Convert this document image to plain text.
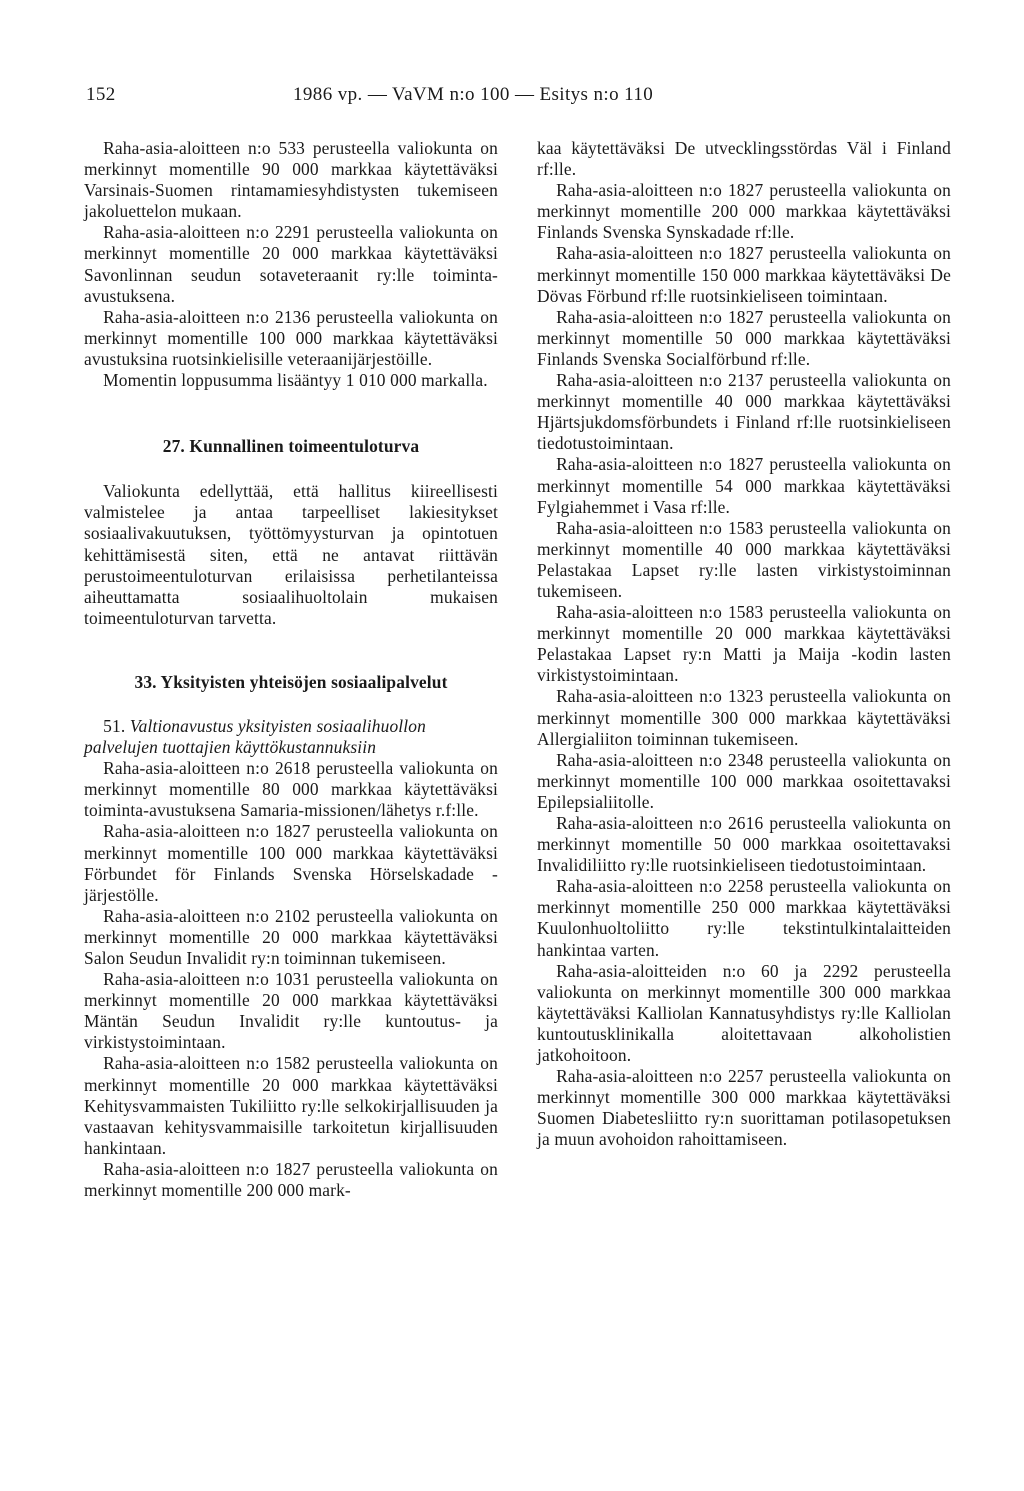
152	1986 vp. — VaVM n:o 100 — Esitys n:o 110

Raha-asia-aloitteen n:o 533 perusteella valiokunta on merkinnyt momentille 90 000 markkaa käytettäväksi Varsinais-Suomen rintamamiesyhdistysten tukemiseen jakoluettelon mukaan.

Raha-asia-aloitteen n:o 2291 perusteella valiokunta on merkinnyt momentille 20 000 markkaa käytettäväksi Savonlinnan seudun sotaveteraanit ry:lle toiminta-avustuksena.

Raha-asia-aloitteen n:o 2136 perusteella valiokunta on merkinnyt momentille 100 000 markkaa käytettäväksi avustuksina ruotsinkielisille veteraanijärjestöille.

Momentin loppusumma lisääntyy 1 010 000 markalla.

27. Kunnallinen toimeentuloturva

Valiokunta edellyttää, että hallitus kiireellisesti valmistelee ja antaa tarpeelliset lakiesitykset sosiaalivakuutuksen, työttömyysturvan ja opintotuen kehittämisestä siten, että ne antavat riittävän perustoimeentuloturvan erilaisissa perhetilanteissa aiheuttamatta sosiaalihuoltolain mukaisen toimeentuloturvan tarvetta.

33. Yksityisten yhteisöjen sosiaalipalvelut

51. Valtionavustus yksityisten sosiaalihuollon palvelujen tuottajien käyttökustannuksiin

Raha-asia-aloitteen n:o 2618 perusteella valiokunta on merkinnyt momentille 80 000 markkaa käytettäväksi toiminta-avustuksena Samaria-missionen/lähetys r.f:lle.

Raha-asia-aloitteen n:o 1827 perusteella valiokunta on merkinnyt momentille 100 000 markkaa käytettäväksi Förbundet för Finlands Svenska Hörselskadade -järjestölle.

Raha-asia-aloitteen n:o 2102 perusteella valiokunta on merkinnyt momentille 20 000 markkaa käytettäväksi Salon Seudun Invalidit ry:n toiminnan tukemiseen.

Raha-asia-aloitteen n:o 1031 perusteella valiokunta on merkinnyt momentille 20 000 markkaa käytettäväksi Mäntän Seudun Invalidit ry:lle kuntoutus- ja virkistystoimintaan.

Raha-asia-aloitteen n:o 1582 perusteella valiokunta on merkinnyt momentille 20 000 markkaa käytettäväksi Kehitysvammaisten Tukiliitto ry:lle selkokirjallisuuden ja vastaavan kehitysvammaisille tarkoitetun kirjallisuuden hankintaan.

Raha-asia-aloitteen n:o 1827 perusteella valiokunta on merkinnyt momentille 200 000 mark-

kaa käytettäväksi De utvecklingsstördas Väl i Finland rf:lle.

Raha-asia-aloitteen n:o 1827 perusteella valiokunta on merkinnyt momentille 200 000 markkaa käytettäväksi Finlands Svenska Synskadade rf:lle.

Raha-asia-aloitteen n:o 1827 perusteella valiokunta on merkinnyt momentille 150 000 markkaa käytettäväksi De Dövas Förbund rf:lle ruotsinkieliseen toimintaan.

Raha-asia-aloitteen n:o 1827 perusteella valiokunta on merkinnyt momentille 50 000 markkaa käytettäväksi Finlands Svenska Socialförbund rf:lle.

Raha-asia-aloitteen n:o 2137 perusteella valiokunta on merkinnyt momentille 40 000 markkaa käytettäväksi Hjärtsjukdomsförbundets i Finland rf:lle ruotsinkieliseen tiedotustoimintaan.

Raha-asia-aloitteen n:o 1827 perusteella valiokunta on merkinnyt momentille 54 000 markkaa käytettäväksi Fylgiahemmet i Vasa rf:lle.

Raha-asia-aloitteen n:o 1583 perusteella valiokunta on merkinnyt momentille 40 000 markkaa käytettäväksi Pelastakaa Lapset ry:lle lasten virkistystoiminnan tukemiseen.

Raha-asia-aloitteen n:o 1583 perusteella valiokunta on merkinnyt momentille 20 000 markkaa käytettäväksi Pelastakaa Lapset ry:n Matti ja Maija -kodin lasten virkistystoimintaan.

Raha-asia-aloitteen n:o 1323 perusteella valiokunta on merkinnyt momentille 300 000 markkaa käytettäväksi Allergialiiton toiminnan tukemiseen.

Raha-asia-aloitteen n:o 2348 perusteella valiokunta on merkinnyt momentille 100 000 markkaa osoitettavaksi Epilepsialiitolle.

Raha-asia-aloitteen n:o 2616 perusteella valiokunta on merkinnyt momentille 50 000 markkaa osoitettavaksi Invalidiliitto ry:lle ruotsinkieliseen tiedotustoimintaan.

Raha-asia-aloitteen n:o 2258 perusteella valiokunta on merkinnyt momentille 250 000 markkaa käytettäväksi Kuulonhuoltoliitto ry:lle tekstintulkintalaitteiden hankintaa varten.

Raha-asia-aloitteiden n:o 60 ja 2292 perusteella valiokunta on merkinnyt momentille 300 000 markkaa käytettäväksi Kalliolan Kannatusyhdistys ry:lle Kalliolan kuntoutusklinikalla aloitettavaan alkoholistien jatkohoitoon.

Raha-asia-aloitteen n:o 2257 perusteella valiokunta on merkinnyt momentille 300 000 markkaa käytettäväksi Suomen Diabetesliitto ry:n suorittaman potilasopetuksen ja muun avohoidon rahoittamiseen.
